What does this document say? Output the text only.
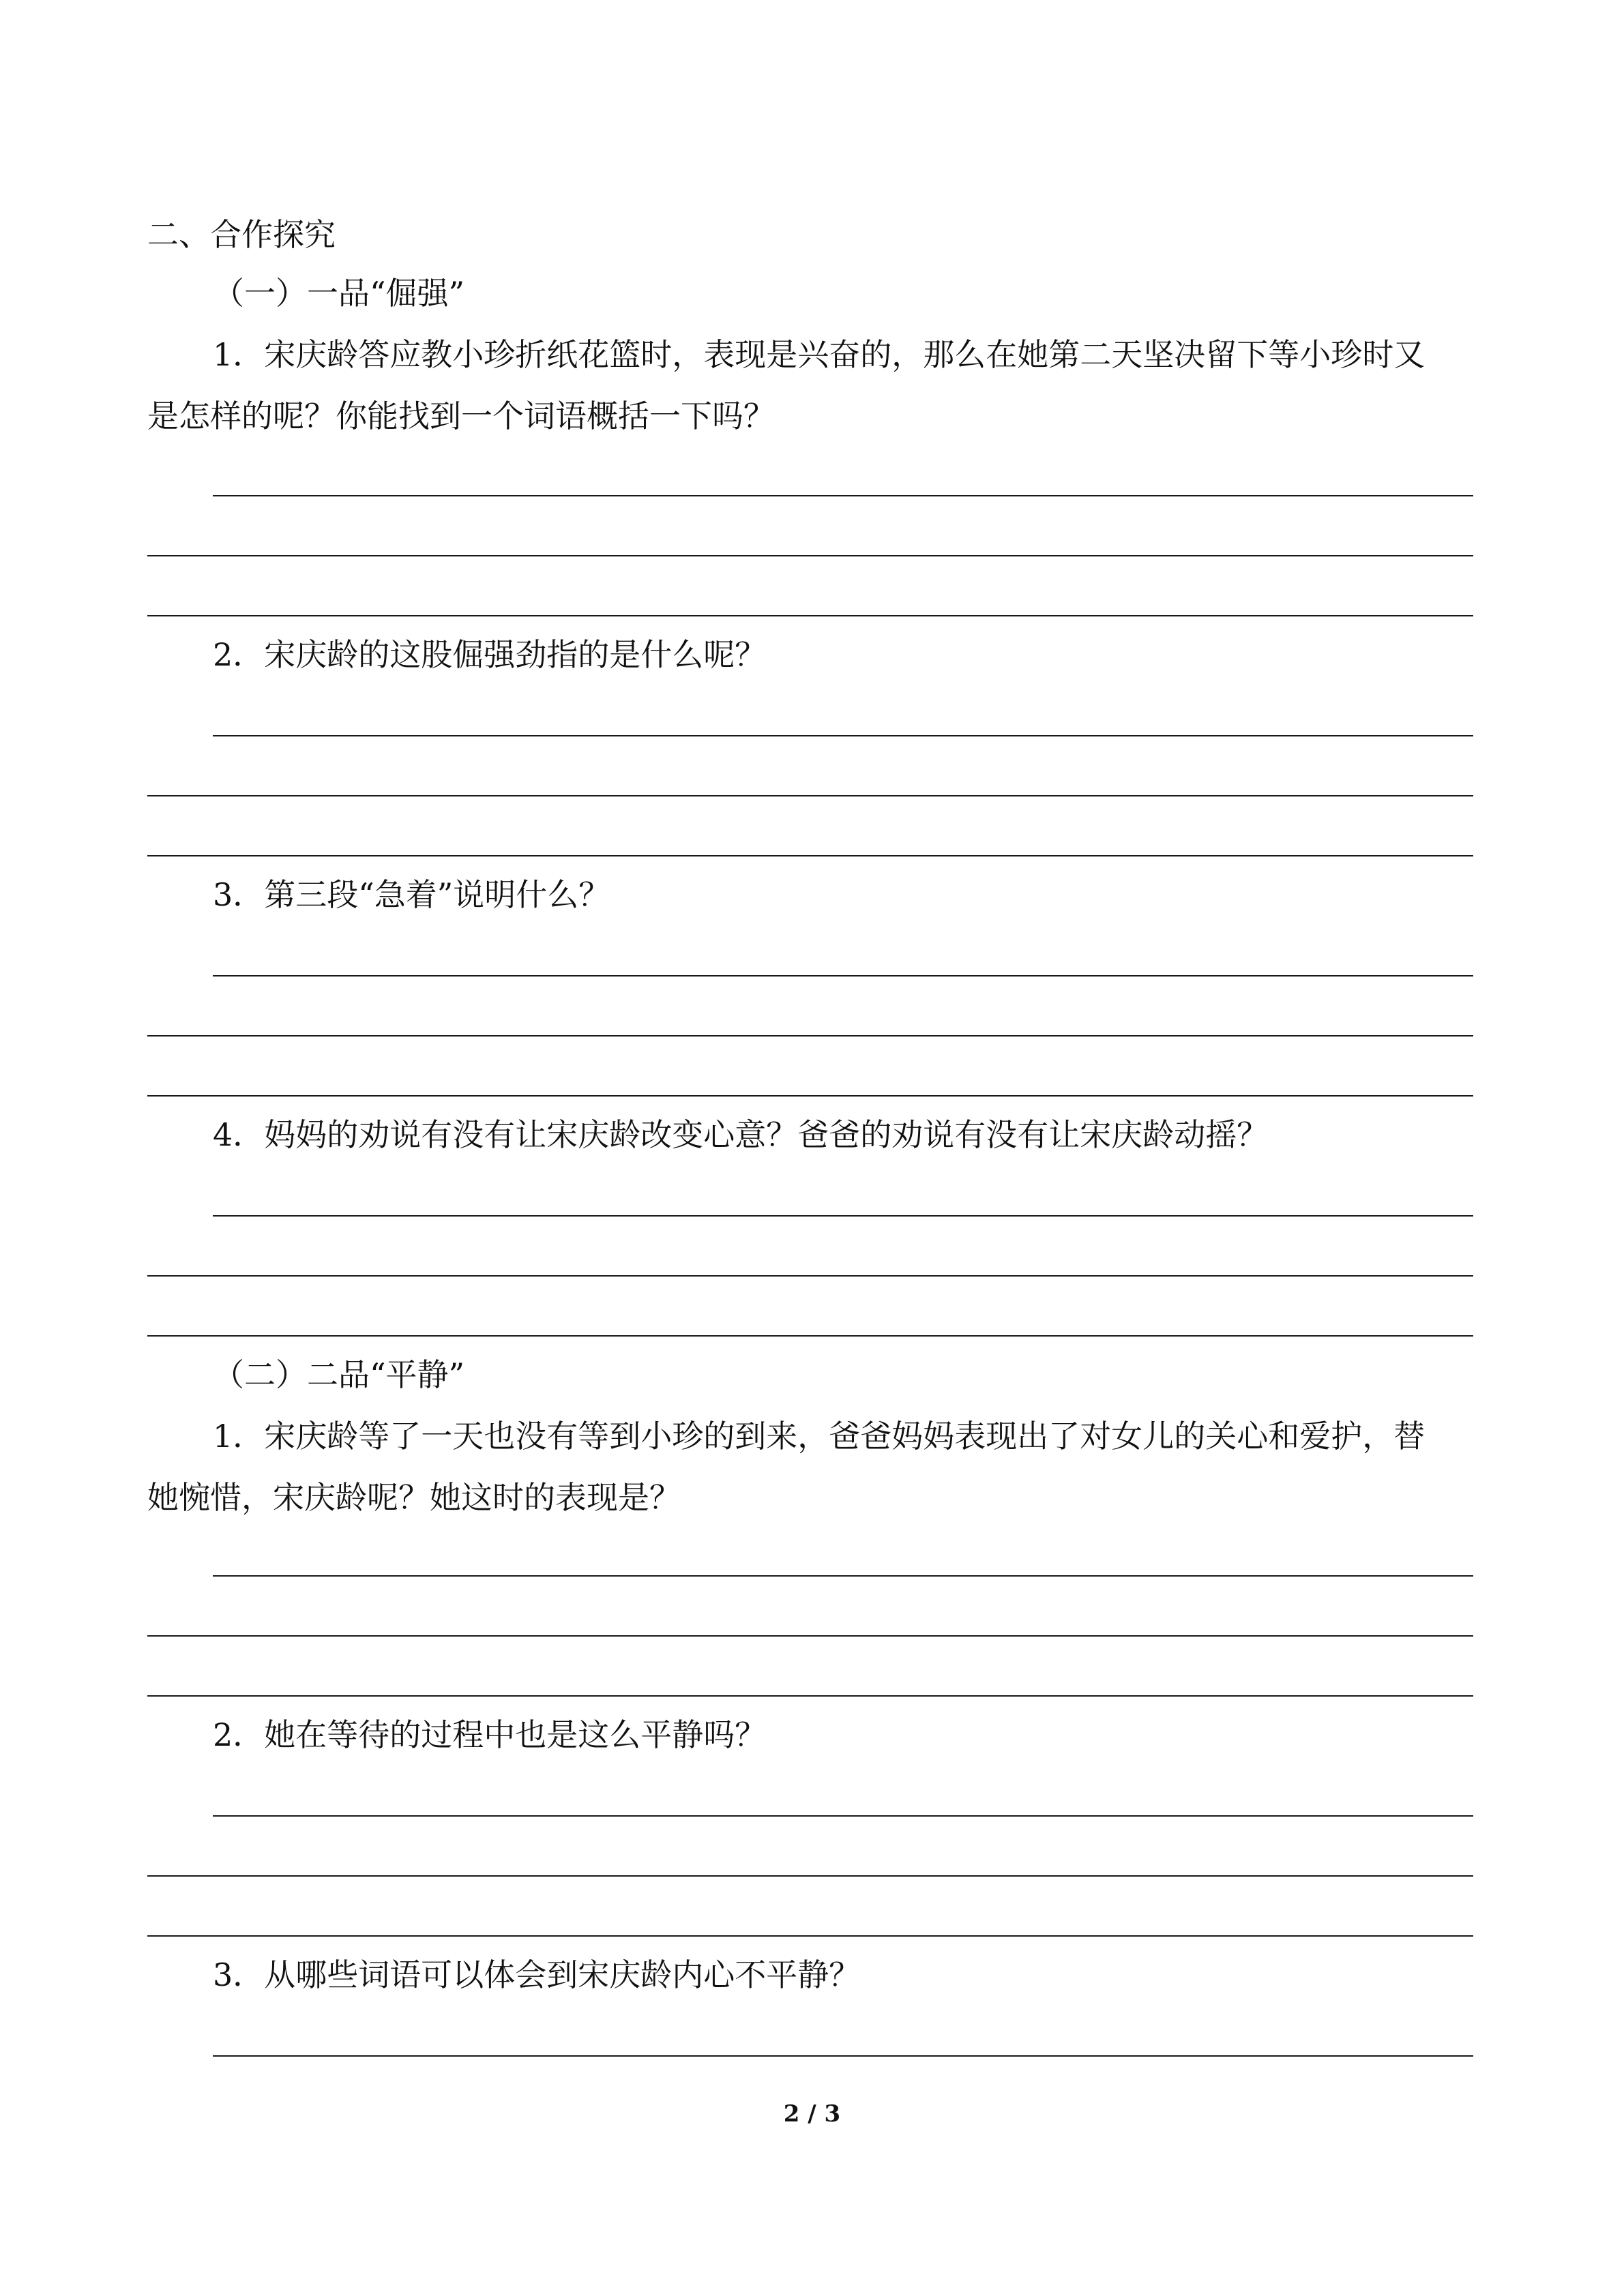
二、合作探究
（一）一品“倔强”
1．宋庆龄答应教小珍折纸花篮时，表现是兴奋的，那么在她第二天坚决留下等小珍时又
是怎样的呢？你能找到一个词语概括一下吗？
2．宋庆龄的这股倔强劲指的是什么呢？
3．第三段“急着”说明什么？
4．妈妈的劝说有没有让宋庆龄改变心意？爸爸的劝说有没有让宋庆龄动摇？
（二）二品“平静”
1．宋庆龄等了一天也没有等到小珍的到来，爸爸妈妈表现出了对女儿的关心和爱护，替
她惋惜，宋庆龄呢？她这时的表现是？
2．她在等待的过程中也是这么平静吗？
3．从哪些词语可以体会到宋庆龄内心不平静？
2 / 3
